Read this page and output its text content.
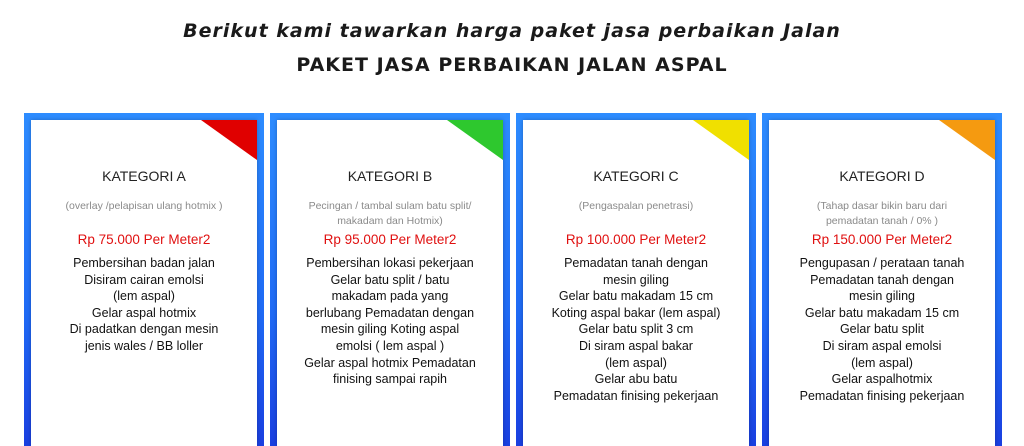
Berikut kami tawarkan harga paket jasa perbaikan Jalan
PAKET JASA PERBAIKAN JALAN ASPAL
KATEGORI A
(overlay /pelapisan ulang hotmix )
Rp 75.000 Per Meter2
Pembersihan badan jalan
Disiram cairan emolsi
(lem aspal)
Gelar aspal hotmix
Di padatkan dengan mesin
jenis wales / BB loller
KATEGORI B
Pecingan / tambal sulam batu split/
makadam dan Hotmix)
Rp 95.000 Per Meter2
Pembersihan lokasi pekerjaan
Gelar batu split / batu
makadam pada yang
berlubang Pemadatan dengan
mesin giling Koting aspal
emolsi ( lem aspal )
Gelar aspal hotmix Pemadatan
finising sampai rapih
KATEGORI C
(Pengaspalan penetrasi)
Rp 100.000 Per Meter2
Pemadatan tanah dengan
mesin giling
Gelar batu makadam 15 cm
Koting aspal bakar (lem aspal)
Gelar batu split 3 cm
Di siram aspal bakar
(lem aspal)
Gelar abu batu
Pemadatan finising pekerjaan
KATEGORI D
(Tahap dasar bikin baru dari
pemadatan tanah / 0% )
Rp 150.000 Per Meter2
Pengupasan / perataan tanah
Pemadatan tanah dengan
mesin giling
Gelar batu makadam 15 cm
Gelar batu split
Di siram aspal emolsi
(lem aspal)
Gelar aspalhotmix
Pemadatan finising pekerjaan
